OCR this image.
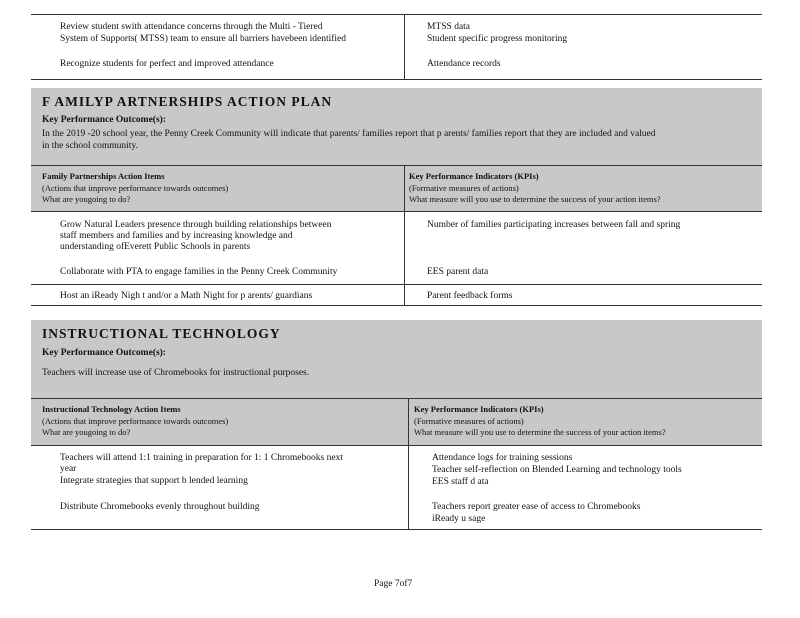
Review student swith attendance concerns through the Multi - Tiered
System of Supports( MTSS) team to ensure all barriers havebeen identified
Recognize students for perfect and improved attendance
MTSS data
Student specific progress monitoring
Attendance records
F AMILYP ARTNERSHIPS ACTION PLAN
Key Performance Outcome(s):
In the 2019 -20 school year, the Penny Creek Community will indicate that parents/ families report that p arents/ families report that they are included and valued
in the school community.
Family Partnerships Action Items
(Actions that improve performance towards outcomes)
What are yougoing to do?
Key Performance Indicators (KPIs)
(Formative measures of actions)
What measure will you use to determine the success of your action items?
Grow Natural Leaders presence through building relationships between
staff members and families and by increasing knowledge and
understanding ofEverett Public Schools in parents
Number of families participating increases between fall and spring
Collaborate with PTA to engage families in the Penny Creek Community	EES parent data
Host an iReady Nigh t and/or a Math Night for p arents/ guardians	Parent feedback forms
INSTRUCTIONAL TECHNOLOGY
Key Performance Outcome(s):
Teachers will increase use of Chromebooks for instructional purposes.
Instructional Technology Action Items
(Actions that improve performance towards outcomes)
What are yougoing to do?
Key Performance Indicators (KPIs)
(Formative measures of actions)
What measure will you use to determine the success of your action items?
Teachers will attend 1:1 training in preparation for 1: 1 Chromebooks next
year
Integrate strategies that support b lended learning
Distribute Chromebooks evenly throughout building
Attendance logs for training sessions
Teacher self-reflection on Blended Learning and technology tools
EES staff d ata
Teachers report greater ease of access to Chromebooks
iReady u sage
Page 7of7
